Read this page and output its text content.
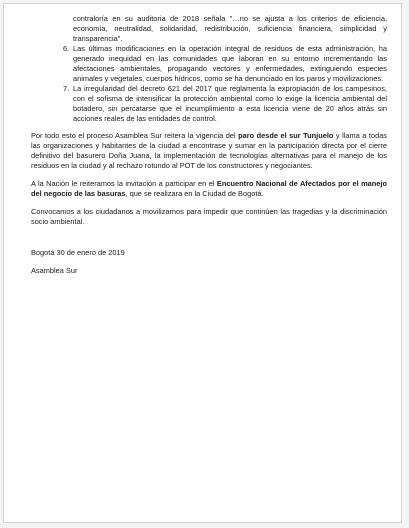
contraloría en su auditoria de 2018 señala "…no se ajusta a los criterios de eficiencia, economía, neutralidad, solidaridad, redistribución, suficiencia financiera, simplicidad y transparencia".

6. Las últimas modificaciones en la operación integral de residuos de esta administración, ha generado inequidad en las comunidades que laboran en su entorno incrementando las afectaciones ambientales, propagando vectores y enfermedades, extinguiendo especies animales y vegetales, cuerpos hídricos, como se ha denunciado en los paros y movilizaciones.
7. La irregularidad del decreto 621 del 2017 que reglamenta la expropiación de los campesinos, con el sofisma de intensificar la protección ambiental como lo exige la licencia ambiental del botadero, sin percatarse que el incumplimiento a esta licencia viene de 20 años atrás sin acciones reales de las entidades de control.

Por todo esto el proceso Asamblea Sur reitera la vigencia del paro desde el sur Tunjuelo y llama a todas las organizaciones y habitantes de la ciudad a encontrase y sumar en la participación directa por el cierre definitivo del basurero Doña Juana, la implementación de tecnologías alternativas para el manejo de los residuos en la ciudad y al rechazo rotundo al POT de los constructores y negociantes.

A la Nación le reiteramos la invitación a participar en el Encuentro Nacional de Afectados por el manejo del negocio de las basuras, que se realizara en la Ciudad de Bogotá.

Convocamos a los ciudadanos a movilizarnos para impedir que continúen las tragedias y la discriminación socio ambiental.

Bogotá 30 de enero de 2019

Asamblea Sur
